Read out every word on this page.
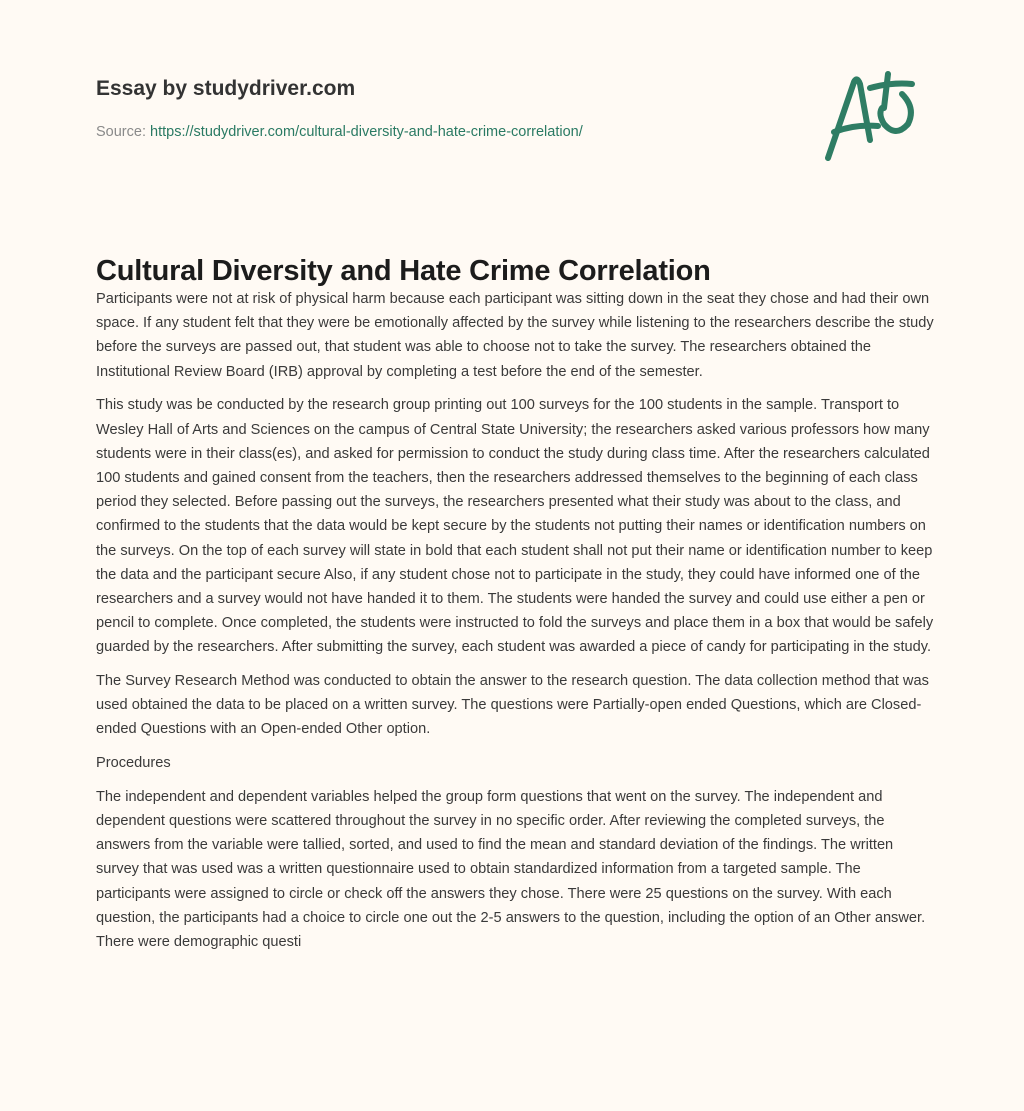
Essay by studydriver.com
Source: https://studydriver.com/cultural-diversity-and-hate-crime-correlation/
Cultural Diversity and Hate Crime Correlation

Participants were not at risk of physical harm because each participant was sitting down in the seat they chose and had their own space. If any student felt that they were be emotionally affected by the survey while listening to the researchers describe the study before the surveys are passed out, that student was able to choose not to take the survey. The researchers obtained the Institutional Review Board (IRB) approval by completing a test before the end of the semester.

This study was be conducted by the research group printing out 100 surveys for the 100 students in the sample. Transport to Wesley Hall of Arts and Sciences on the campus of Central State University; the researchers asked various professors how many students were in their class(es), and asked for permission to conduct the study during class time. After the researchers calculated 100 students and gained consent from the teachers, then the researchers addressed themselves to the beginning of each class period they selected. Before passing out the surveys, the researchers presented what their study was about to the class, and confirmed to the students that the data would be kept secure by the students not putting their names or identification numbers on the surveys. On the top of each survey will state in bold that each student shall not put their name or identification number to keep the data and the participant secure Also, if any student chose not to participate in the study, they could have informed one of the researchers and a survey would not have handed it to them. The students were handed the survey and could use either a pen or pencil to complete. Once completed, the students were instructed to fold the surveys and place them in a box that would be safely guarded by the researchers. After submitting the survey, each student was awarded a piece of candy for participating in the study.

The Survey Research Method was conducted to obtain the answer to the research question. The data collection method that was used obtained the data to be placed on a written survey. The questions were Partially-open ended Questions, which are Closed-ended Questions with an Open-ended Other option.

Procedures

The independent and dependent variables helped the group form questions that went on the survey. The independent and dependent questions were scattered throughout the survey in no specific order. After reviewing the completed surveys, the answers from the variable were tallied, sorted, and used to find the mean and standard deviation of the findings. The written survey that was used was a written questionnaire used to obtain standardized information from a targeted sample. The participants were assigned to circle or check off the answers they chose. There were 25 questions on the survey. With each question, the participants had a choice to circle one out the 2-5 answers to the question, including the option of an Other answer. There were demographic questi
